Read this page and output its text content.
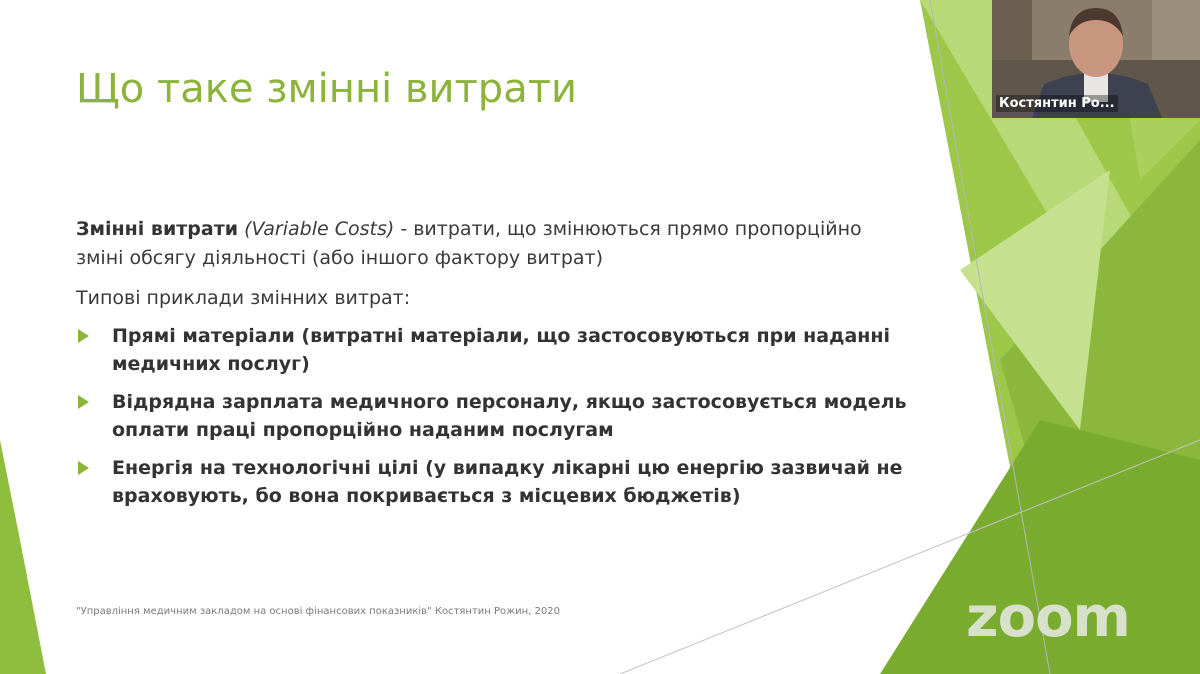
Що таке змінні витрати
Змінні витрати (Variable Costs) - витрати, що змінюються прямо пропорційно зміні обсягу діяльності (або іншого фактору витрат)
Типові приклади змінних витрат:
Прямі матеріали (витратні матеріали, що застосовуються при наданні медичних послуг)
Відрядна зарплата медичного персоналу, якщо застосовується модель оплати праці пропорційно наданим послугам
Енергія на технологічні цілі (у випадку лікарні цю енергію зазвичай не враховують, бо вона покривається з місцевих бюджетів)
"Управління медичним закладом на основі фінансових показників" Костянтин Рожин, 2020	zoom
Костянтин Ро...
